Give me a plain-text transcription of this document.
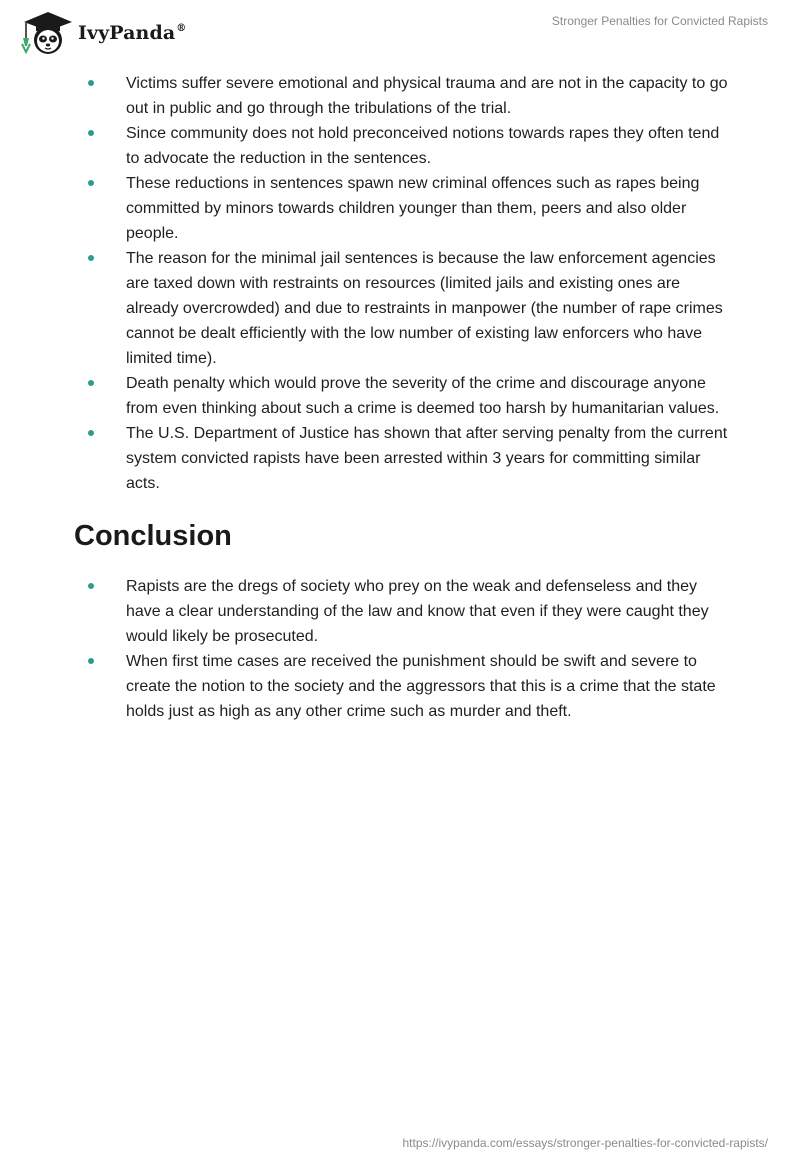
IvyPanda®
Stronger Penalties for Convicted Rapists
Victims suffer severe emotional and physical trauma and are not in the capacity to go out in public and go through the tribulations of the trial.
Since community does not hold preconceived notions towards rapes they often tend to advocate the reduction in the sentences.
These reductions in sentences spawn new criminal offences such as rapes being committed by minors towards children younger than them, peers and also older people.
The reason for the minimal jail sentences is because the law enforcement agencies are taxed down with restraints on resources (limited jails and existing ones are already overcrowded) and due to restraints in manpower (the number of rape crimes cannot be dealt efficiently with the low number of existing law enforcers who have limited time).
Death penalty which would prove the severity of the crime and discourage anyone from even thinking about such a crime is deemed too harsh by humanitarian values.
The U.S. Department of Justice has shown that after serving penalty from the current system convicted rapists have been arrested within 3 years for committing similar acts.
Conclusion
Rapists are the dregs of society who prey on the weak and defenseless and they have a clear understanding of the law and know that even if they were caught they would likely be prosecuted.
When first time cases are received the punishment should be swift and severe to create the notion to the society and the aggressors that this is a crime that the state holds just as high as any other crime such as murder and theft.
https://ivypanda.com/essays/stronger-penalties-for-convicted-rapists/
